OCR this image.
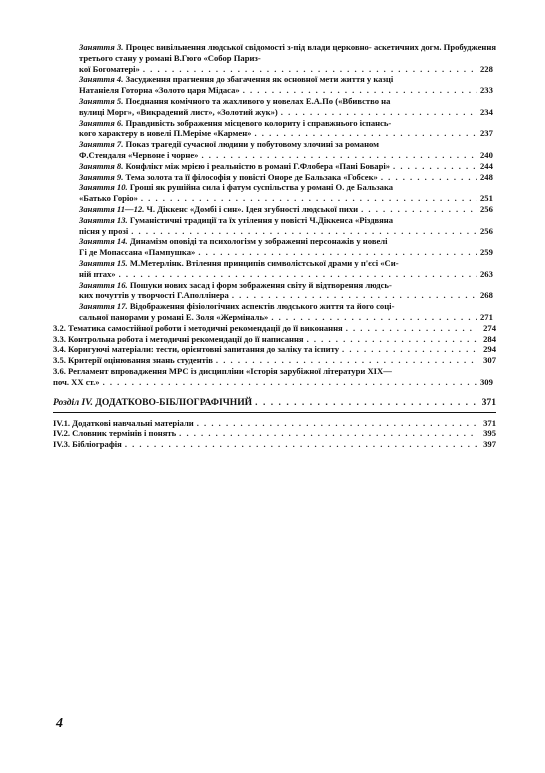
Заняття 3. Процес вивільнення людської свідомості з-під влади церковно- аскетичних догм. Пробудження третього стану у романі В.Гюго «Собор Париз-
кої Богоматері» . . .	228
Заняття 4. Засудження прагнення до збагачення як основної мети життя у казці
Натаніеля Готорна «Золото царя Мідаса» . . .	233
Заняття 5. Поєднання комічного та жахливого у новелах Е.А.По («Вбивство на
вулиці Морг», «Викрадений лист», «Золотий жук») . . .	234
Заняття 6. Правдивість зображення місцевого колориту і справжнього іспансь-
кого характеру в новелі П.Меріме «Кармен» . . .	237
Заняття 7. Показ трагедії сучасної людини у побутовому злочині за романом
Ф.Стендаля «Червоне і чорне» . . .	240
Заняття 8. Конфлікт між мрією і реальністю в романі Г.Флобера «Пані Боварі» . . .	244
Заняття 9. Тема золота та її філософія у повісті Оноре де Бальзака «Гобсек» . . .	248
Заняття 10. Гроші як рушійна сила і фатум суспільства у романі О. де Бальзака
«Батько Горіо» . . .	251
Заняття 11—12. Ч. Діккенс «Домбі і син». Ідея згубності людської пихи . . .	256
Заняття 13. Гуманістичні традиції та їх утілення у повісті Ч.Діккенса «Різдвяна
пісня у прозі . . .	256
Заняття 14. Динамізм оповіді та психологізм у зображенні персонажів у новелі
Гі де Мопассана «Пампушка» . . .	259
Заняття 15. М.Метерлінк. Втілення принципів символістської драми у п'єсі «Си-
ній птах» . . .	263
Заняття 16. Пошуки нових засад і форм зображення світу й відтворення людсь-
ких почуттів у творчості Г.Аполлінера . . .	268
Заняття 17. Відображення фізіологічних аспектів людського життя та його соці-
сальної панорами у романі Е. Золя «Жерміналь» . . .	271
3.2. Тематика самостійної роботи і методичні рекомендації до її виконання . . .	274
3.3. Контрольна робота і методичні рекомендації до її написання . . .	284
3.4. Коригуючі матеріали: тести, орієнтовні запитання до заліку та іспиту . . .	294
3.5. Критерії оцінювання знань студентів . . .	307
3.6. Регламент впровадження МРС із дисципліни «Історія зарубіжної літератури XIX—
поч. XX ст.» . . .	309
Розділ IV. ДОДАТКОВО-БІБЛІОГРАФІЧНИЙ . . .	371
IV.1. Додаткові навчальні матеріали . . .	371
IV.2. Словник термінів і понять . . .	395
IV.3. Бібліографія . . .	397
4
